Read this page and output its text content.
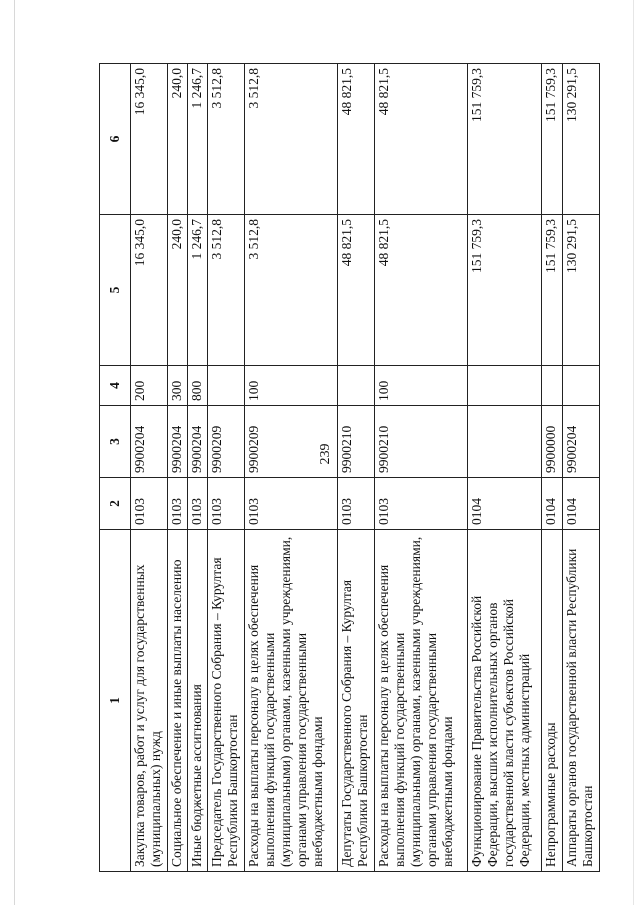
239
1	2	3	4	5	6
Закупка товаров, работ и услуг для государственных (муниципальных) нужд	0103	9900204	200	16 345,0	16 345,0
Социальное обеспечение и иные выплаты населению	0103	9900204	300	240,0	240,0
Иные бюджетные ассигнования	0103	9900204	800	1 246,7	1 246,7
Председатель Государственного Собрания – Курултая Республики Башкортостан	0103	9900209		3 512,8	3 512,8
Расходы на выплаты персоналу в целях обеспечения выполнения функций государственными (муниципальными) органами, казенными учреждениями, органами управления государственными внебюджетными фондами	0103	9900209	100	3 512,8	3 512,8
Депутаты Государственного Собрания – Курултая Республики Башкортостан	0103	9900210		48 821,5	48 821,5
Расходы на выплаты персоналу в целях обеспечения выполнения функций государственными (муниципальными) органами, казенными учреждениями, органами управления государственными внебюджетными фондами	0103	9900210	100	48 821,5	48 821,5
Функционирование Правительства Российской Федерации, высших исполнительных органов государственной власти субъектов Российской Федерации, местных администраций	0104			151 759,3	151 759,3
Непрограммные расходы	0104	9900000		151 759,3	151 759,3
Аппараты органов государственной власти Республики Башкортостан	0104	9900204		130 291,5	130 291,5
